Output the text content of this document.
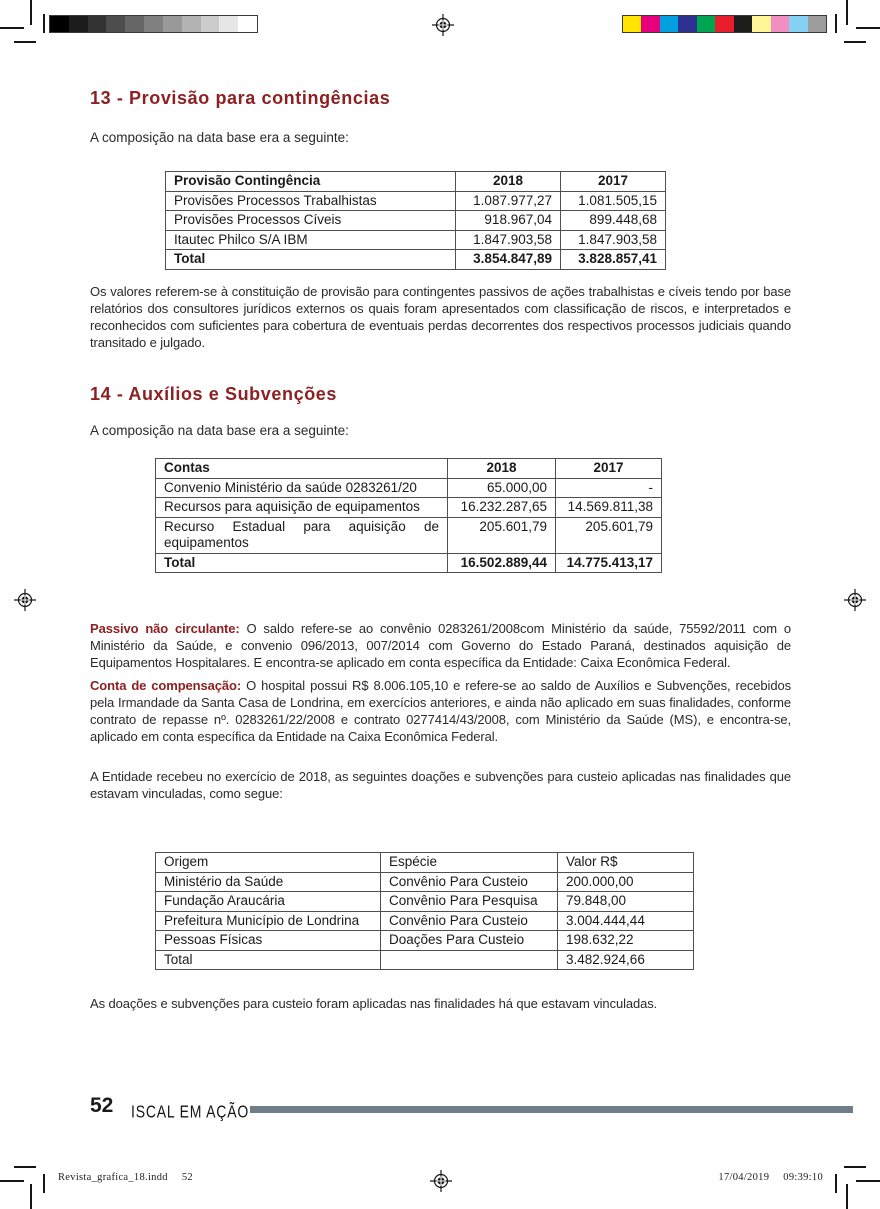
13 - Provisão para contingências
A composição na data base era a seguinte:
Provisão Contingência	2018	2017
Provisões Processos Trabalhistas	1.087.977,27	1.081.505,15
Provisões Processos Cíveis	918.967,04	899.448,68
Itautec Philco S/A IBM	1.847.903,58	1.847.903,58
Total	3.854.847,89	3.828.857,41

Os valores referem-se à constituição de provisão para contingentes passivos de ações trabalhistas e cíveis tendo por base relatórios dos consultores jurídicos externos os quais foram apresentados com classificação de riscos, e interpretados e reconhecidos com suficientes para cobertura de eventuais perdas decorrentes dos respectivos processos judiciais quando transitado e julgado.

14 - Auxílios e Subvenções
A composição na data base era a seguinte:
Contas	2018	2017
Convenio Ministério da saúde 0283261/20	65.000,00	-
Recursos para aquisição de equipamentos	16.232.287,65	14.569.811,38
Recurso Estadual para aquisição de equipamentos	205.601,79	205.601,79
Total	16.502.889,44	14.775.413,17

Passivo não circulante: O saldo refere-se ao convênio 0283261/2008com Ministério da saúde, 75592/2011 com o Ministério da Saúde, e convenio 096/2013, 007/2014 com Governo do Estado Paraná, destinados aquisição de Equipamentos Hospitalares. E encontra-se aplicado em conta específica da Entidade: Caixa Econômica Federal.

Conta de compensação: O hospital possui R$ 8.006.105,10 e refere-se ao saldo de Auxílios e Subvenções, recebidos pela Irmandade da Santa Casa de Londrina, em exercícios anteriores, e ainda não aplicado em suas finalidades, conforme contrato de repasse nº. 0283261/22/2008 e contrato 0277414/43/2008, com Ministério da Saúde (MS), e encontra-se, aplicado em conta específica da Entidade na Caixa Econômica Federal.

A Entidade recebeu no exercício de 2018, as seguintes doações e subvenções para custeio aplicadas nas finalidades que estavam vinculadas, como segue:

Origem	Espécie	Valor R$
Ministério da Saúde	Convênio Para Custeio	200.000,00
Fundação Araucária	Convênio Para Pesquisa	79.848,00
Prefeitura Município de Londrina	Convênio Para Custeio	3.004.444,44
Pessoas Físicas	Doações Para Custeio	198.632,22
Total		3.482.924,66

As doações e subvenções para custeio foram aplicadas nas finalidades há que estavam vinculadas.

52 ISCAL EM AÇÃO
Revista_grafica_18.indd 52	17/04/2019 09:39:10
